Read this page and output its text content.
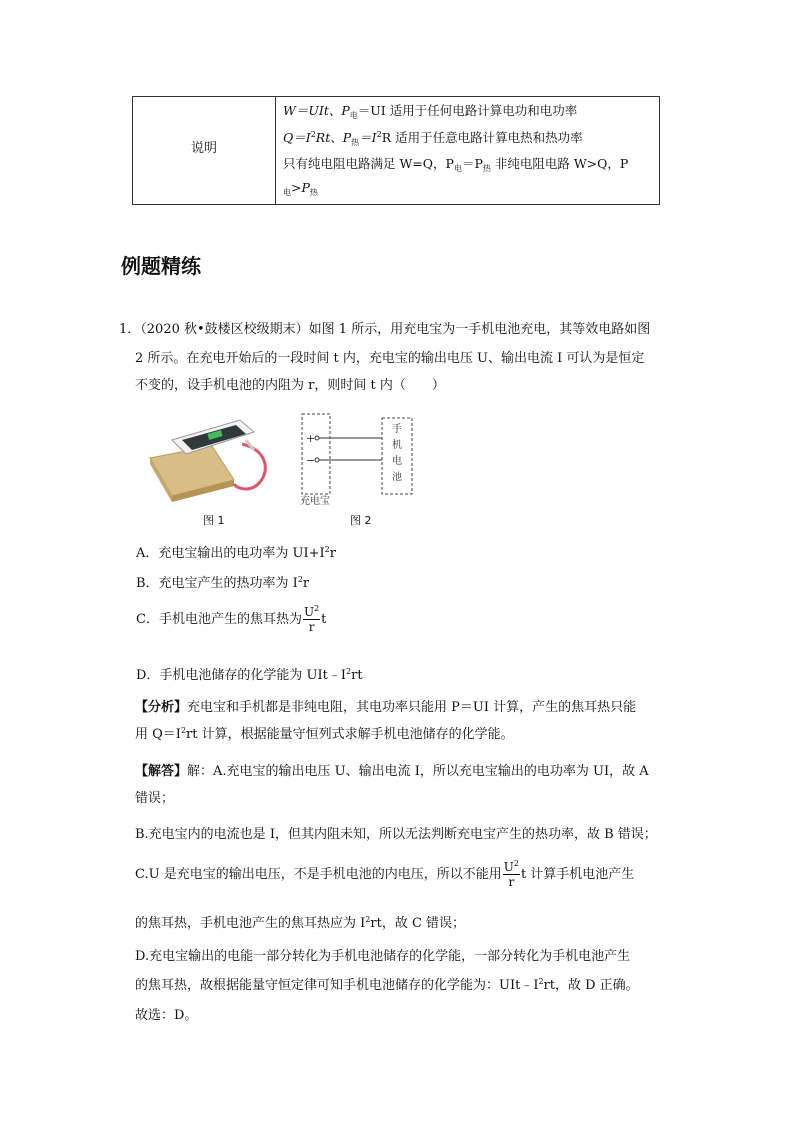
说明
W＝UIt、$P_电=UI$ 适用于任何电路计算电功和电功率
$Q=I^2Rt$、$P_热=I^2R$ 适用于任意电路计算电热和热功率
只有纯电阻电路满足 W=Q，$P_电=P_热$ 非纯电阻电路 W>Q，P
$_电>P_热$
例题精练
1．（2020 秋•鼓楼区校级期末）如图 1 所示，用充电宝为一手机电池充电，其等效电路如图
2 所示。在充电开始后的一段时间 t 内，充电宝的输出电压 U、输出电流 I 可认为是恒定
不变的，设手机电池的内阻为 r，则时间 t 内（　　）
图 1
+
−
手
机
电
池
充电宝
图 2
A．充电宝输出的电功率为 $UI+I^2r$
B．充电宝产生的热功率为 $I^2r$
C．手机电池产生的焦耳热为 $\frac{U^2}{r}$ t
D．手机电池储存的化学能为 $UIt﹣I^2rt$
【分析】充电宝和手机都是非纯电阻，其电功率只能用 P＝UI 计算，产生的焦耳热只能
用 $Q=I^2rt$ 计算，根据能量守恒列式求解手机电池储存的化学能。
【解答】解：A.充电宝的输出电压 U、输出电流 I，所以充电宝输出的电功率为 UI，故 A
错误；
B.充电宝内的电流也是 I，但其内阻未知，所以无法判断充电宝产生的热功率，故 B 错误；
C.U 是充电宝的输出电压，不是手机电池的内电压，所以不能用 $\frac{U^2}{r}$ t 计算手机电池产生
的焦耳热，手机电池产生的焦耳热应为 $I^2rt$，故 C 错误；
D.充电宝输出的电能一部分转化为手机电池储存的化学能，一部分转化为手机电池产生
的焦耳热，故根据能量守恒定律可知手机电池储存的化学能为：$UIt﹣I^2rt$，故 D 正确。
故选：D。
